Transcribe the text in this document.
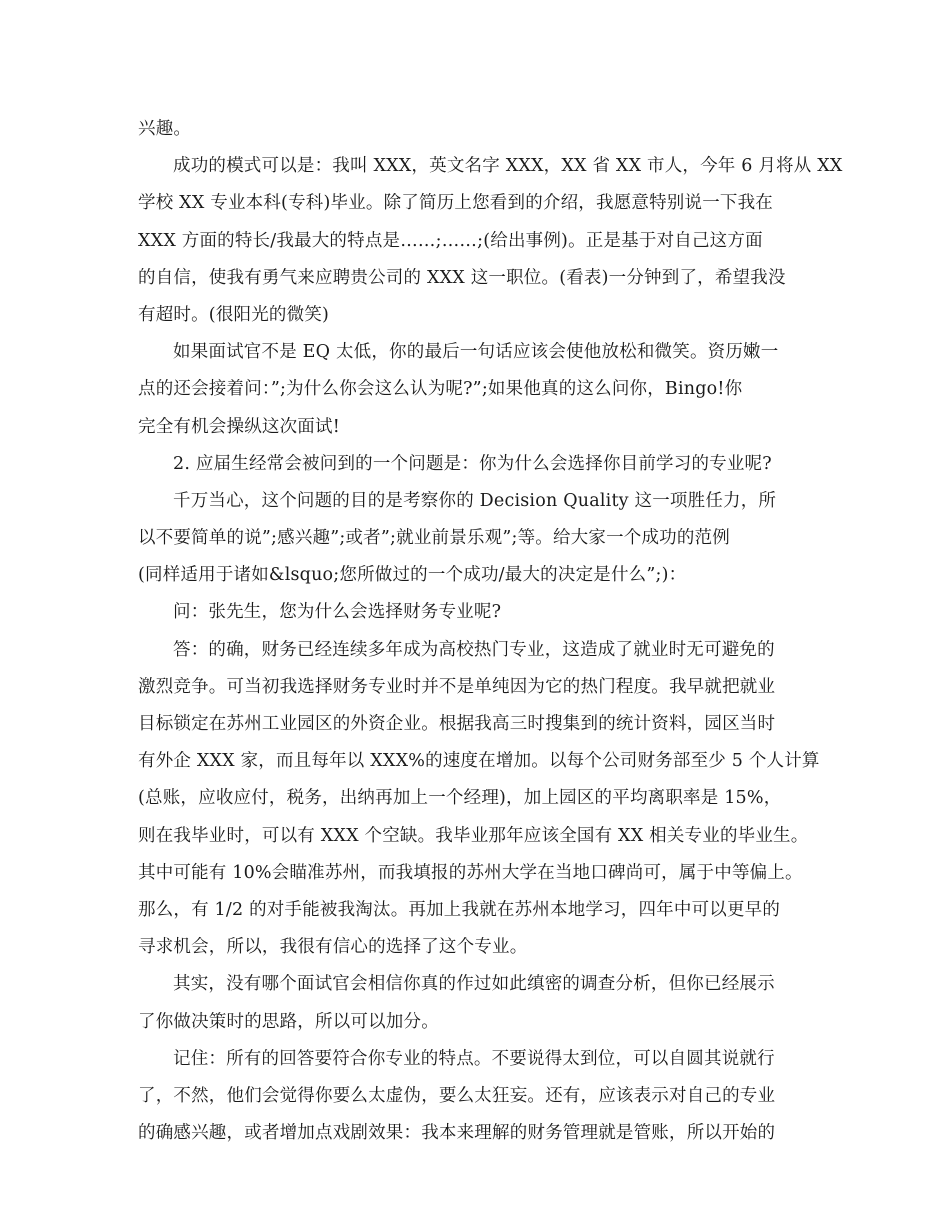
兴趣。
成功的模式可以是：我叫 XXX，英文名字 XXX，XX 省 XX 市人，今年 6 月将从 XX
学校 XX 专业本科(专科)毕业。除了简历上您看到的介绍，我愿意特别说一下我在
XXX 方面的特长/我最大的特点是……;……;(给出事例)。正是基于对自己这方面
的自信，使我有勇气来应聘贵公司的 XXX 这一职位。(看表)一分钟到了，希望我没
有超时。(很阳光的微笑)
如果面试官不是 EQ 太低，你的最后一句话应该会使他放松和微笑。资历嫩一
点的还会接着问：”;为什么你会这么认为呢?”;如果他真的这么问你，Bingo!你
完全有机会操纵这次面试!
2. 应届生经常会被问到的一个问题是：你为什么会选择你目前学习的专业呢?
千万当心，这个问题的目的是考察你的 Decision Quality 这一项胜任力，所
以不要简单的说”;感兴趣”;或者”;就业前景乐观”;等。给大家一个成功的范例
(同样适用于诸如&lsquo;您所做过的一个成功/最大的决定是什么”;)：
问：张先生，您为什么会选择财务专业呢?
答：的确，财务已经连续多年成为高校热门专业，这造成了就业时无可避免的
激烈竞争。可当初我选择财务专业时并不是单纯因为它的热门程度。我早就把就业
目标锁定在苏州工业园区的外资企业。根据我高三时搜集到的统计资料，园区当时
有外企 XXX 家，而且每年以 XXX%的速度在增加。以每个公司财务部至少 5 个人计算
(总账，应收应付，税务，出纳再加上一个经理)，加上园区的平均离职率是 15%，
则在我毕业时，可以有 XXX 个空缺。我毕业那年应该全国有 XX 相关专业的毕业生。
其中可能有 10%会瞄准苏州，而我填报的苏州大学在当地口碑尚可，属于中等偏上。
那么，有 1/2 的对手能被我淘汰。再加上我就在苏州本地学习，四年中可以更早的
寻求机会，所以，我很有信心的选择了这个专业。
其实，没有哪个面试官会相信你真的作过如此缜密的调查分析，但你已经展示
了你做决策时的思路，所以可以加分。
记住：所有的回答要符合你专业的特点。不要说得太到位，可以自圆其说就行
了，不然，他们会觉得你要么太虚伪，要么太狂妄。还有，应该表示对自己的专业
的确感兴趣，或者增加点戏剧效果：我本来理解的财务管理就是管账，所以开始的
